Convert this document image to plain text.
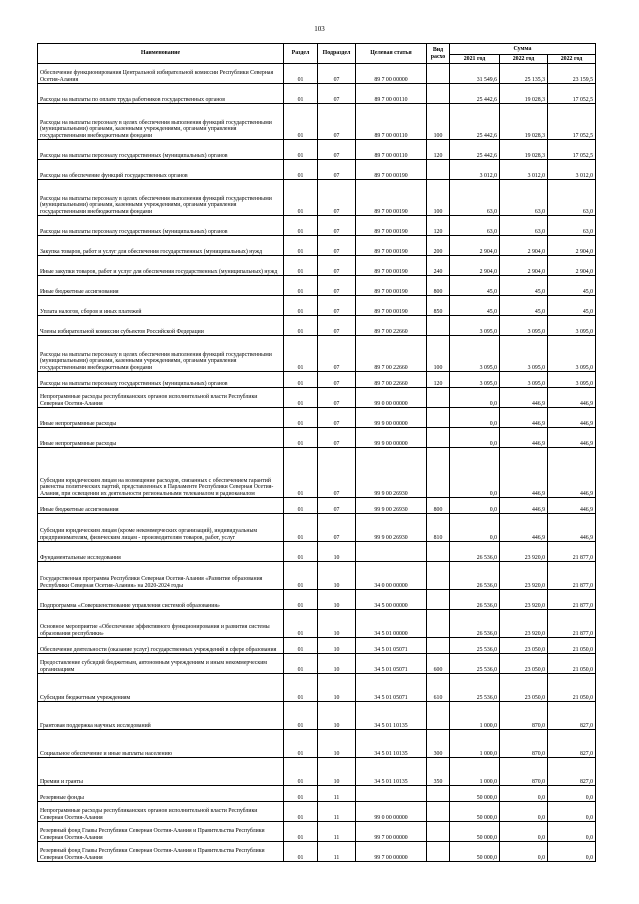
103
Наименование	Раздел	Подраздел	Целевая статья	Вид расхо	Сумма		
					2021 год	2022 год	2022 год
Обеспечение функционирования Центральной избирательной комиссии Республики Северная Осетия-Алания	01	07	89 7 00 00000		31 549,6	25 135,3	23 159,5
Расходы на выплаты по оплате труда работников государственных органов	01	07	89 7 00 00110		25 442,6	19 028,3	17 052,5
Расходы на выплаты персоналу в целях обеспечения выполнения функций государственными (муниципальными) органами, казенными учреждениями, органами управления государственными внебюджетными фондами	01	07	89 7 00 00110	100	25 442,6	19 028,3	17 052,5
Расходы на выплаты персоналу государственных (муниципальных) органов	01	07	89 7 00 00110	120	25 442,6	19 028,3	17 052,5
Расходы на обеспечение функций государственных органов	01	07	89 7 00 00190		3 012,0	3 012,0	3 012,0
Расходы на выплаты персоналу в целях обеспечения выполнения функций государственными (муниципальными) органами, казенными учреждениями, органами управления государственными внебюджетными фондами	01	07	89 7 00 00190	100	63,0	63,0	63,0
Расходы на выплаты персоналу государственных (муниципальных) органов	01	07	89 7 00 00190	120	63,0	63,0	63,0
Закупка товаров, работ и услуг для обеспечения государственных (муниципальных) нужд	01	07	89 7 00 00190	200	2 904,0	2 904,0	2 904,0
Иные закупки товаров, работ и услуг для обеспечения государственных (муниципальных) нужд	01	07	89 7 00 00190	240	2 904,0	2 904,0	2 904,0
Иные бюджетные ассигнования	01	07	89 7 00 00190	800	45,0	45,0	45,0
Уплата налогов, сборов и иных платежей	01	07	89 7 00 00190	850	45,0	45,0	45,0
Члены избирательной комиссии субъектов Российской Федерации	01	07	89 7 00 22660		3 095,0	3 095,0	3 095,0
Расходы на выплаты персоналу в целях обеспечения выполнения функций государственными (муниципальными) органами, казенными учреждениями, органами управления государственными внебюджетными фондами	01	07	89 7 00 22660	100	3 095,0	3 095,0	3 095,0
Расходы на выплаты персоналу государственных (муниципальных) органов	01	07	89 7 00 22660	120	3 095,0	3 095,0	3 095,0
Непрограммные расходы республиканских органов исполнительной власти Республики Северная Осетия-Алания	01	07	99 0 00 00000		0,0	446,9	446,9
Иные непрограммные расходы	01	07	99 9 00 00000		0,0	446,9	446,9
Иные непрограммные расходы	01	07	99 9 00 00000		0,0	446,9	446,9
Субсидии юридическим лицам на возмещение расходов, связанных с обеспечением гарантий равенства политических партий, представленных в Парламенте Республики Северная Осетия-Алания, при освещении их деятельности региональными телеканалом и радиоканалом	01	07	99 9 00 26930		0,0	446,9	446,9
Иные бюджетные ассигнования	01	07	99 9 00 26930	800	0,0	446,9	446,9
Субсидии юридическим лицам (кроме некоммерческих организаций), индивидуальным предпринимателям, физическим лицам - производителям товаров, работ, услуг	01	07	99 9 00 26930	810	0,0	446,9	446,9
Фундаментальные исследования	01	10			26 536,0	23 920,0	21 877,0
Государственная программа Республики Северная Осетия-Алания «Развитие образования Республики Северная Осетия-Алания» на 2020-2024 годы	01	10	34 0 00 00000		26 536,0	23 920,0	21 877,0
Подпрограмма «Совершенствование управления системой образования»	01	10	34 5 00 00000		26 536,0	23 920,0	21 877,0
Основное мероприятие «Обеспечение эффективного функционирования и развития системы образования республики»	01	10	34 5 01 00000		26 536,0	23 920,0	21 877,0
Обеспечение деятельности (оказание услуг) государственных учреждений в сфере образования	01	10	34 5 01 05071		25 536,0	23 050,0	21 050,0
Предоставление субсидий бюджетным, автономным учреждениям и иным некоммерческим организациям	01	10	34 5 01 05071	600	25 536,0	23 050,0	21 050,0
Субсидии бюджетным учреждениям	01	10	34 5 01 05071	610	25 536,0	23 050,0	21 050,0
Грантовая поддержка научных исследований	01	10	34 5 01 10135		1 000,0	870,0	827,0
Социальное обеспечение и иные выплаты населению	01	10	34 5 01 10135	300	1 000,0	870,0	827,0
Премии и гранты	01	10	34 5 01 10135	350	1 000,0	870,0	827,0
Резервные фонды	01	11			50 000,0	0,0	0,0
Непрограммные расходы республиканских органов исполнительной власти Республики Северная Осетия-Алания	01	11	99 0 00 00000		50 000,0	0,0	0,0
Резервный фонд Главы Республики Северная Осетия-Алания и Правительства Республики Северная Осетия-Алания	01	11	99 7 00 00000		50 000,0	0,0	0,0
Резервный фонд Главы Республики Северная Осетия-Алания и Правительства Республики Северная Осетия-Алания	01	11	99 7 00 00000		50 000,0	0,0	0,0
